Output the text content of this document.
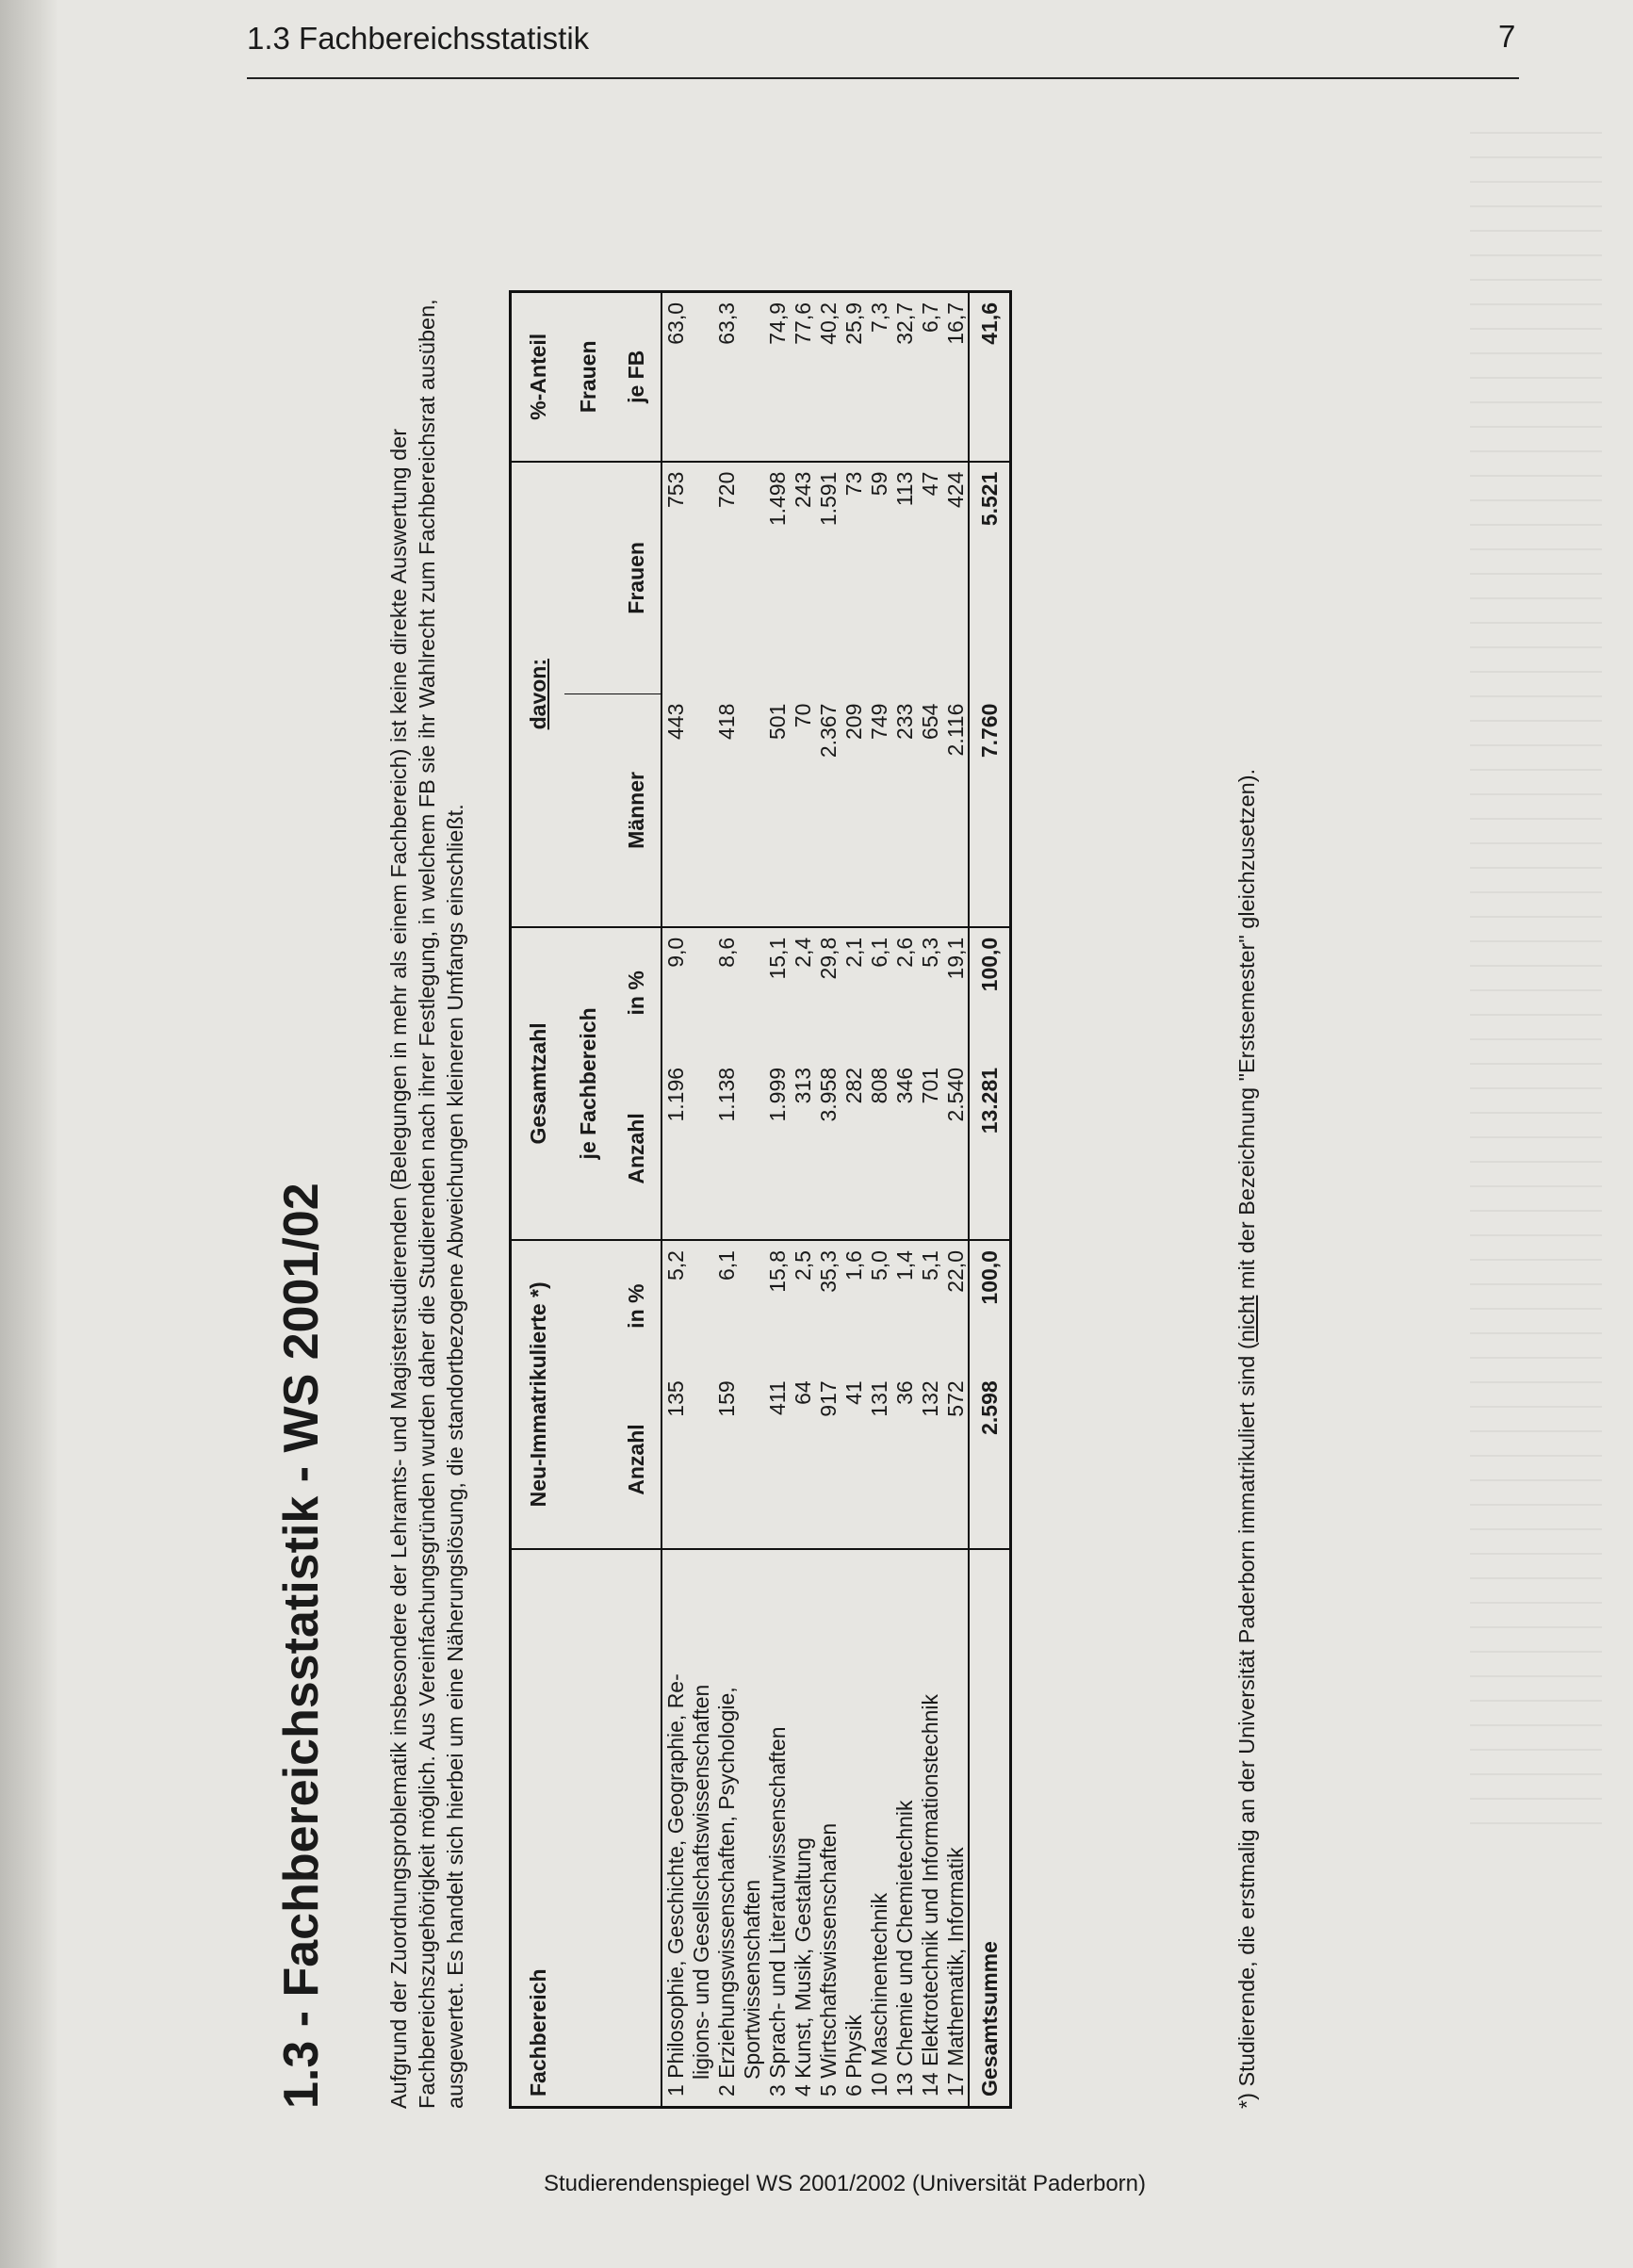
1.3 Fachbereichsstatistik	7
1.3 - Fachbereichsstatistik - WS 2001/02	Aufgrund der Zuordnungsproblematik insbesondere der Lehramts- und Magisterstudierenden (Belegungen in mehr als einem Fachbereich) ist keine direkte Auswertung der Fachbereichszugehörigkeit möglich. Aus Vereinfachungsgründen wurden daher die Studierenden nach ihrer Festlegung, in welchem FB sie ihr Wahlrecht zum Fachbereichsrat ausüben, ausgewertet. Es handelt sich hierbei um eine Näherungslösung, die standortbezogene Abweichungen kleineren Umfangs einschließt.	Fachbereich	Neu-Immatrikulierte *)		Gesamtzahl		davon:		%-Anteil
			je Fachbereich				Frauen
	Anzahl	in %	Anzahl	in %	Männer	Frauen	je FB
1 Philosophie, Geschichte, Geographie, Re-	135	5,2	1.196	9,0	443	753	63,0
ligions- und Gesellschaftswissenschaften							
2 Erziehungswissenschaften, Psychologie,	159	6,1	1.138	8,6	418	720	63,3
Sportwissenschaften							
3 Sprach- und Literaturwissenschaften	411	15,8	1.999	15,1	501	1.498	74,9
4 Kunst, Musik, Gestaltung	64	2,5	313	2,4	70	243	77,6
5 Wirtschaftswissenschaften	917	35,3	3.958	29,8	2.367	1.591	40,2
6 Physik	41	1,6	282	2,1	209	73	25,9
10 Maschinentechnik	131	5,0	808	6,1	749	59	7,3
13 Chemie und Chemietechnik	36	1,4	346	2,6	233	113	32,7
14 Elektrotechnik und Informationstechnik	132	5,1	701	5,3	654	47	6,7
17 Mathematik, Informatik	572	22,0	2.540	19,1	2.116	424	16,7
Gesamtsumme	2.598	100,0	13.281	100,0	7.760	5.521	41,6
*) Studierende, die erstmalig an der Universität Paderborn immatrikuliert sind (nicht mit der Bezeichnung "Erstsemester" gleichzusetzen).
Studierendenspiegel WS 2001/2002 (Universität Paderborn)
